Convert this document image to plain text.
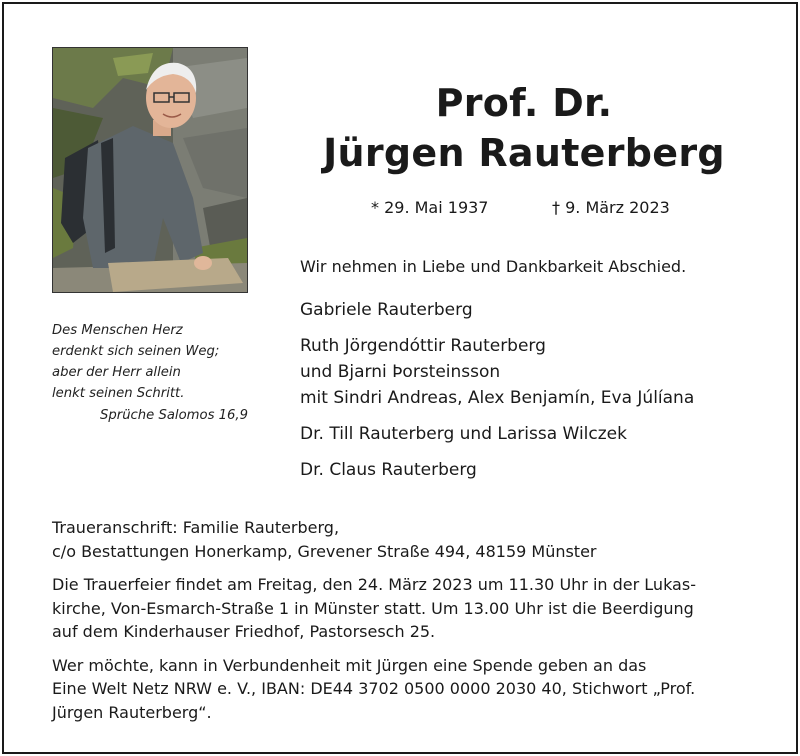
Des Menschen Herz
erdenkt sich seinen Weg;
aber der Herr allein
lenkt seinen Schritt.
Sprüche Salomos 16,9
Prof. Dr.
Jürgen Rauterberg
* 29. Mai 1937	† 9. März 2023
Wir nehmen in Liebe und Dankbarkeit Abschied.
Gabriele Rauterberg
Ruth Jörgendóttir Rauterberg
und Bjarni Þorsteinsson
mit Sindri Andreas, Alex Benjamín, Eva Júlíana
Dr. Till Rauterberg und Larissa Wilczek
Dr. Claus Rauterberg

Traueranschrift: Familie Rauterberg,
c/o Bestattungen Honerkamp, Grevener Straße 494, 48159 Münster

Die Trauerfeier findet am Freitag, den 24. März 2023 um 11.30 Uhr in der Lukas-
kirche, Von-Esmarch-Straße 1 in Münster statt. Um 13.00 Uhr ist die Beerdigung
auf dem Kinderhauser Friedhof, Pastorsesch 25.

Wer möchte, kann in Verbundenheit mit Jürgen eine Spende geben an das
Eine Welt Netz NRW e. V., IBAN: DE44 3702 0500 0000 2030 40, Stichwort „Prof.
Jürgen Rauterberg“.
